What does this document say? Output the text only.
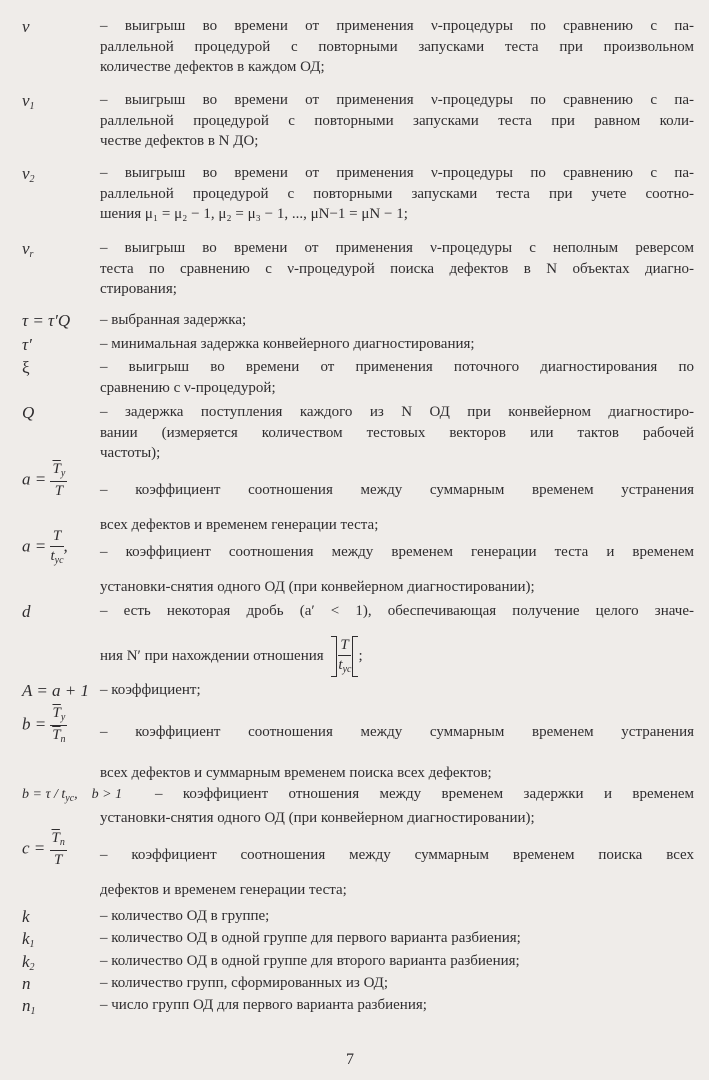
ν	– выигрыш во времени от применения ν-процедуры по сравнению с па-
раллельной процедурой с повторными запусками теста при произвольном
количестве дефектов в каждом ОД;
$\nu_1$	– выигрыш во времени от применения ν-процедуры по сравнению с па-
раллельной процедурой с повторными запусками теста при равном коли-
честве дефектов в N ДО;
$\nu_2$	– выигрыш во времени от применения ν-процедуры по сравнению с па-
раллельной процедурой с повторными запусками теста при учете соотно-
шения μ₁ = μ₂ − 1, μ₂ = μ₃ − 1, ..., μN−1 = μN − 1;
$\nu_r$	– выигрыш во времени от применения ν-процедуры с неполным реверсом
теста по сравнению с ν-процедурой поиска дефектов в N объектах диагно-
стирования;
τ = τ′Q – выбранная задержка;
τ′	– минимальная задержка конвейерного диагностирования;
ξ	– выигрыш во времени от применения поточного диагностирования по
сравнению с ν-процедурой;
Q	– задержка поступления каждого из N ОД при конвейерном диагностиро-
вании (измеряется количеством тестовых векторов или тактов рабочей
частоты);
$a = \frac{\overline{T}_у}{T}$ – коэффициент соотношения между суммарным временем устранения
всех дефектов и временем генерации теста;
$a = \frac{T}{t_{ус}}$ , – коэффициент соотношения между временем генерации теста и временем
установки-снятия одного ОД (при конвейерном диагностировании);
d	– есть некоторая дробь (a′ < 1), обеспечивающая получение целого значе-
ния N′ при нахождении отношения $\frac{T}{t_{ус}}$ ;
A = a + 1 – коэффициент;
$b = \frac{\overline{T}_у}{\overline{T}_п}$ – коэффициент соотношения между суммарным временем устранения
всех дефектов и суммарным временем поиска всех дефектов;
$b = \tau / t_{ус}$,    b > 1 – коэффициент отношения между временем задержки и временем
установки-снятия одного ОД (при конвейерном диагностировании);
$c = \frac{\overline{T}_п}{T}$ – коэффициент соотношения между суммарным временем поиска всех
дефектов и временем генерации теста;
k	– количество ОД в группе;
$k_1$	– количество ОД в одной группе для первого варианта разбиения;
$k_2$	– количество ОД в одной группе для второго варианта разбиения;
n	– количество групп, сформированных из ОД;
$n_1$	– число групп ОД для первого варианта разбиения;
7
